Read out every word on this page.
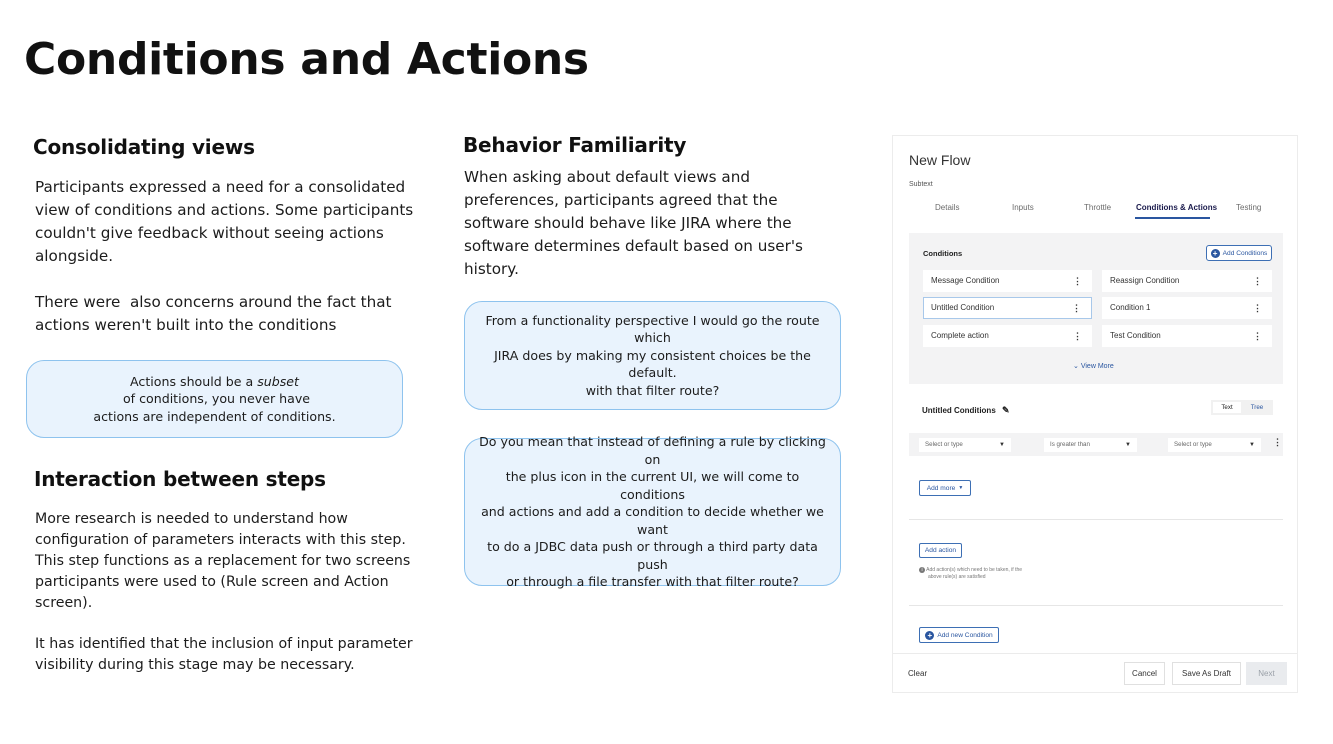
Conditions and Actions
Consolidating views
Participants expressed a need for a consolidated
view of conditions and actions. Some participants
couldn't give feedback without seeing actions
alongside.
There were  also concerns around the fact that
actions weren't built into the conditions
Actions should be a subset of conditions, you never have
actions are independent of conditions.
Interaction between steps
More research is needed to understand how
configuration of parameters interacts with this step.
This step functions as a replacement for two screens
participants were used to (Rule screen and Action
screen).
It has identified that the inclusion of input parameter
visibility during this stage may be necessary.
Behavior Familiarity
When asking about default views and
preferences, participants agreed that the
software should behave like JIRA where the
software determines default based on user's
history.
From a functionality perspective I would go the route which
JIRA does by making my consistent choices be the default.
with that filter route?
Do you mean that instead of defining a rule by clicking on
the plus icon in the current UI, we will come to conditions
and actions and add a condition to decide whether we want
to do a JDBC data push or through a third party data push
or through a file transfer with that filter route?
New Flow
Subtext
Details	Inputs	Throttle	Conditions & Actions Testing
Conditions	+ Add Conditions
Message Condition	⋮	Reassign Condition	⋮
Untitled Condition	⋮	Condition 1	⋮
Complete action	⋮	Test Condition	⋮
⌄ View More
Untitled Conditions ✎	Text	Tree
Select or type	▼	Is greater than	▼	Select or type	▼ ⋮
Add more ▼
Add action
i Add action(s) which need to be taken, if the
above rule(s) are satisfied
+ Add new Condition
Clear	Cancel	Save As Draft	Next
